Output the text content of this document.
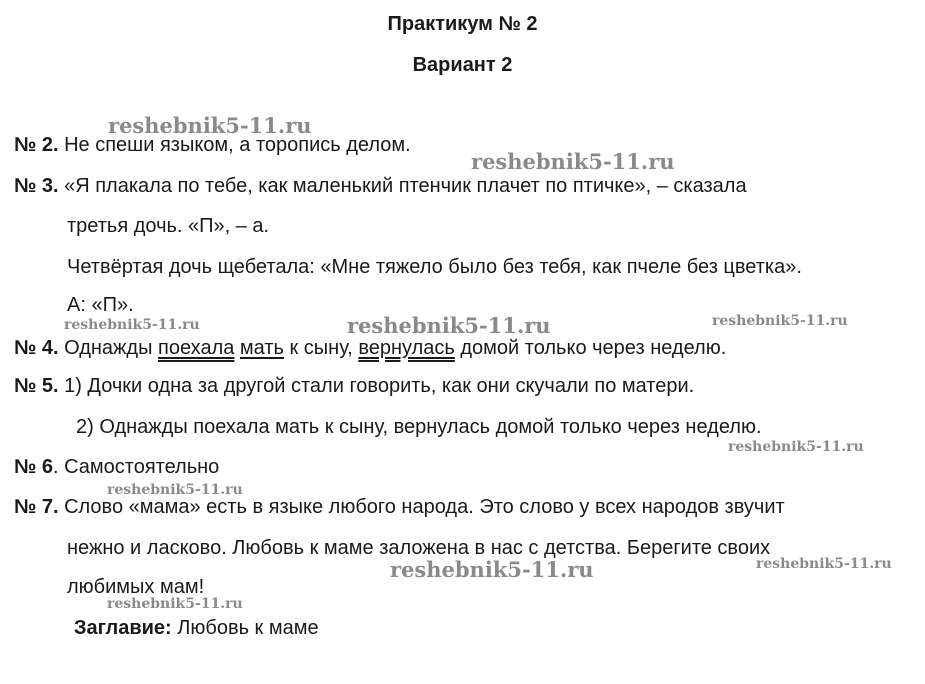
Практикум № 2
Вариант 2
reshebnik5-11.ru
reshebnik5-11.ru
reshebnik5-11.ru	reshebnik5-11.ru	reshebnik5-11.ru
reshebnik5-11.ru
reshebnik5-11.ru
reshebnik5-11.ru	reshebnik5-11.ru
reshebnik5-11.ru
№ 2. Не спеши языком, а торопись делом.
№ 3. «Я плакала по тебе, как маленький птенчик плачет по птичке», – сказала
третья дочь. «П», – а.
Четвёртая дочь щебетала: «Мне тяжело было без тебя, как пчеле без цветка».
А: «П».
№ 4. Однажды поехала мать к сыну, вернулась домой только через неделю.
№ 5. 1) Дочки одна за другой стали говорить, как они скучали по матери.
2) Однажды поехала мать к сыну, вернулась домой только через неделю.
№ 6. Самостоятельно
№ 7. Слово «мама» есть в языке любого народа. Это слово у всех народов звучит
нежно и ласково. Любовь к маме заложена в нас с детства. Берегите своих
любимых мам!
Заглавие: Любовь к маме
